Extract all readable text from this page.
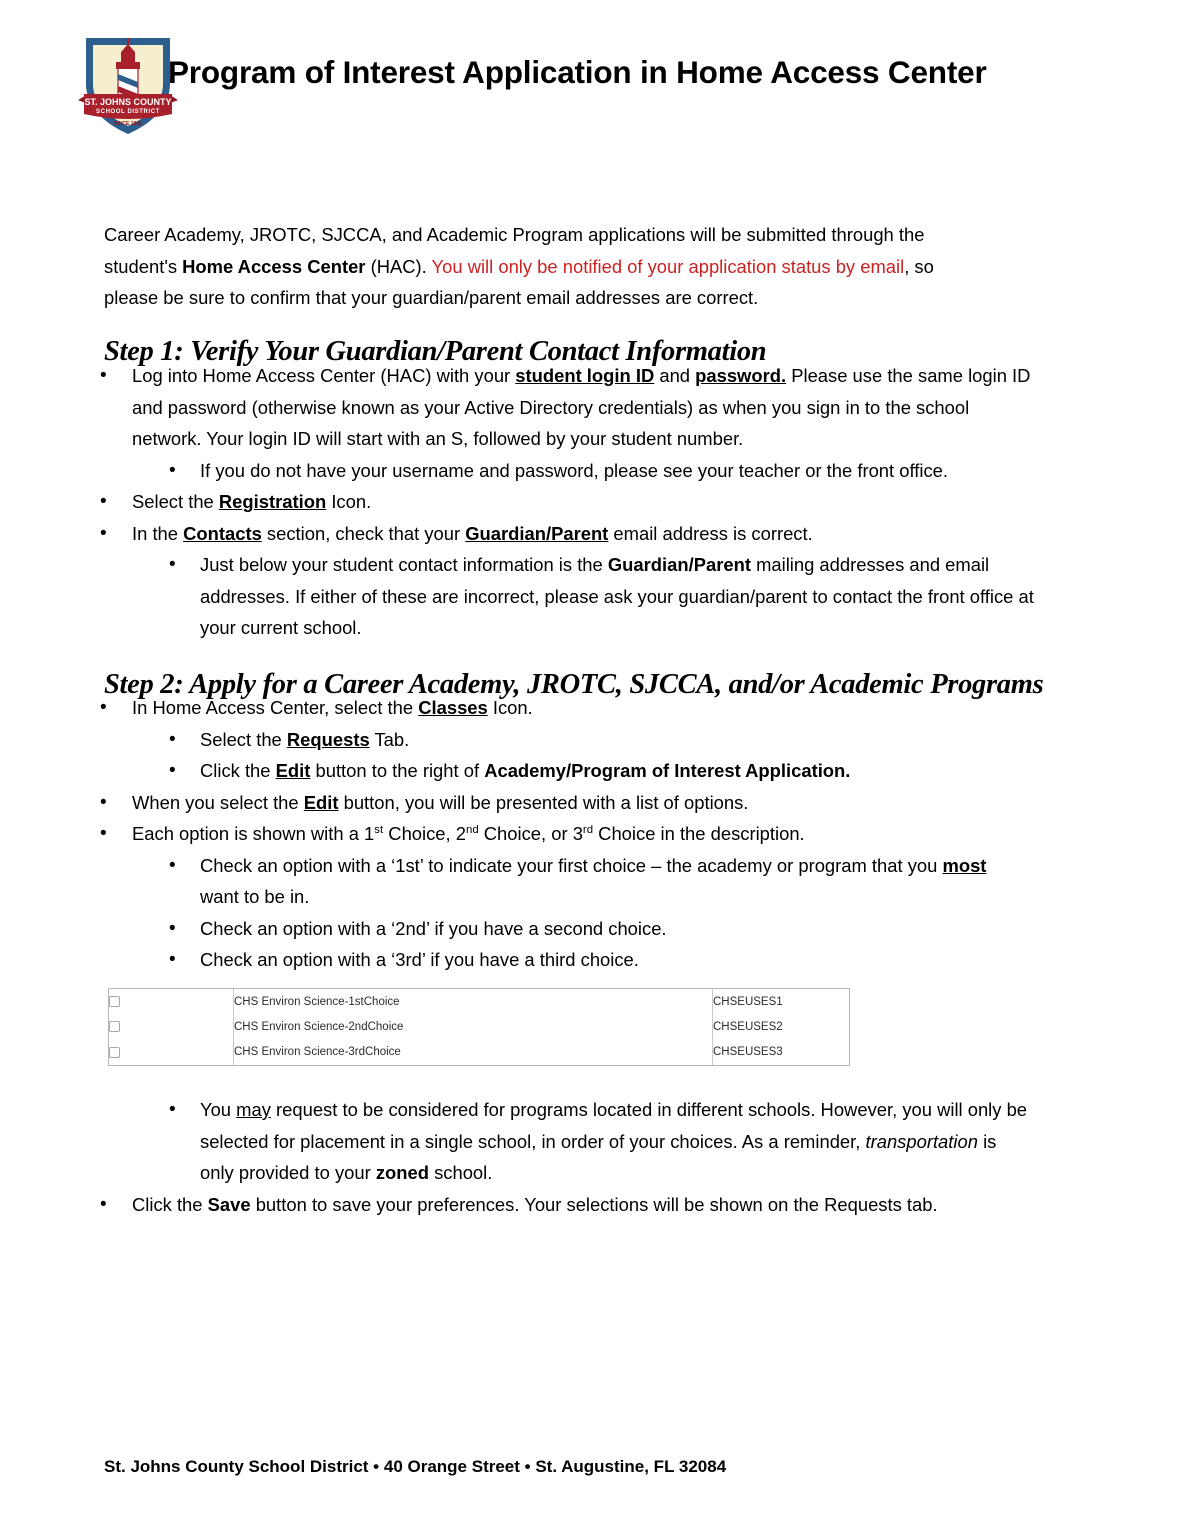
ST. JOHNS COUNTY
SCHOOL DISTRICT
SINCE 1869
Program of Interest Application in Home Access Center

Career Academy, JROTC, SJCCA, and Academic Program applications will be submitted through the student's Home Access Center (HAC). You will only be notified of your application status by email, so please be sure to confirm that your guardian/parent email addresses are correct.

Step 1: Verify Your Guardian/Parent Contact Information
• Log into Home Access Center (HAC) with your student login ID and password. Please use the same login ID and password (otherwise known as your Active Directory credentials) as when you sign in to the school network. Your login ID will start with an S, followed by your student number.
• If you do not have your username and password, please see your teacher or the front office.
• Select the Registration Icon.
• In the Contacts section, check that your Guardian/Parent email address is correct.
• Just below your student contact information is the Guardian/Parent mailing addresses and email addresses. If either of these are incorrect, please ask your guardian/parent to contact the front office at your current school.
Step 2: Apply for a Career Academy, JROTC, SJCCA, and/or Academic Programs
• In Home Access Center, select the Classes Icon.
• Select the Requests Tab.
• Click the Edit button to the right of Academy/Program of Interest Application.
• When you select the Edit button, you will be presented with a list of options.
• Each option is shown with a 1st Choice, 2nd Choice, or 3rd Choice in the description.
• Check an option with a ‘1st’ to indicate your first choice – the academy or program that you most want to be in.
• Check an option with a ‘2nd’ if you have a second choice.
• Check an option with a ‘3rd’ if you have a third choice.
	CHS Environ Science-1stChoice	CHSEUSES1
	CHS Environ Science-2ndChoice	CHSEUSES2
	CHS Environ Science-3rdChoice	CHSEUSES3
• You may request to be considered for programs located in different schools. However, you will only be selected for placement in a single school, in order of your choices. As a reminder, transportation is only provided to your zoned school.
• Click the Save button to save your preferences. Your selections will be shown on the Requests tab.
St. Johns County School District • 40 Orange Street • St. Augustine, FL 32084
